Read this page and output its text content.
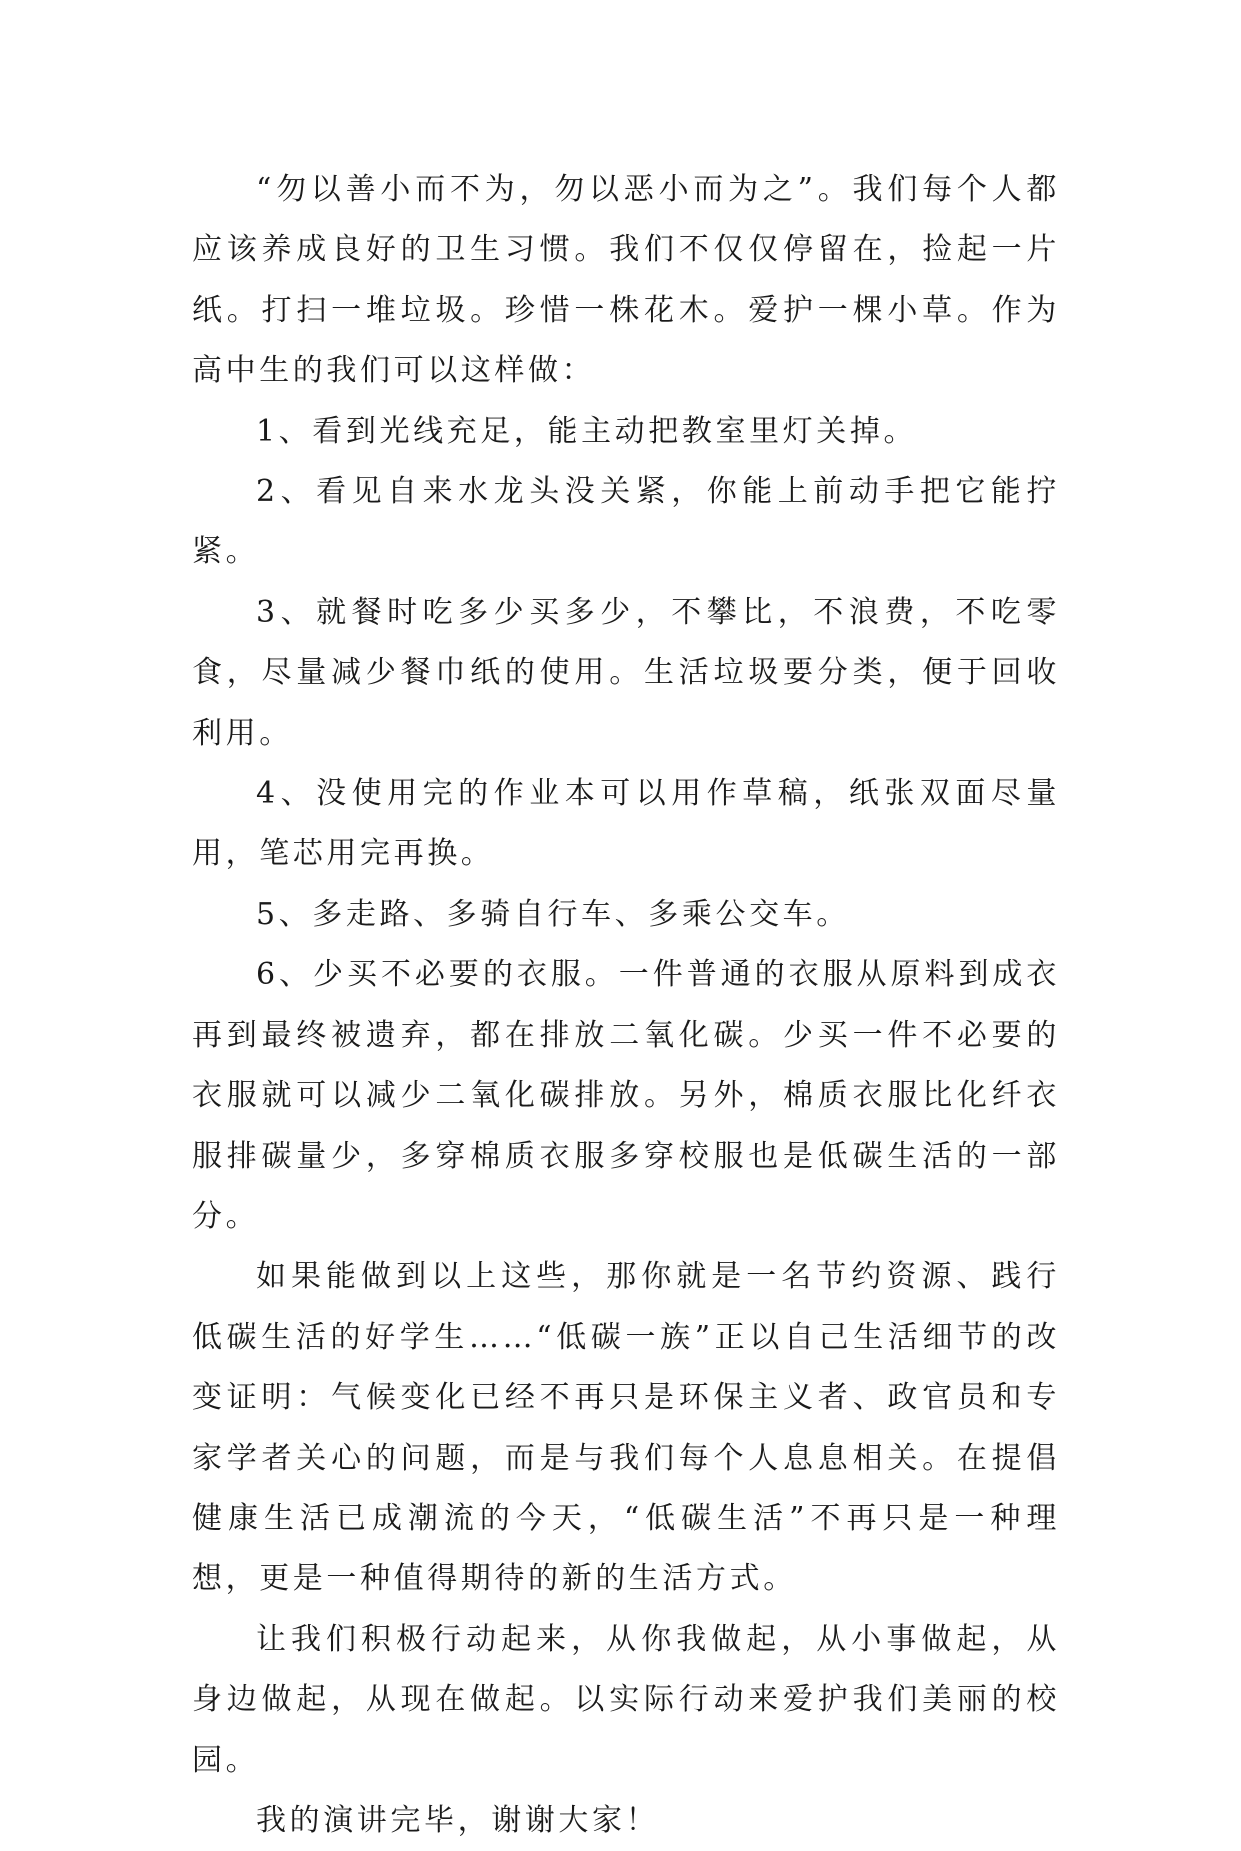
“勿以善小而不为，勿以恶小而为之”。我们每个人都应该养成良好的卫生习惯。我们不仅仅停留在，捡起一片纸。打扫一堆垃圾。珍惜一株花木。爱护一棵小草。作为高中生的我们可以这样做：

1、看到光线充足，能主动把教室里灯关掉。

2、看见自来水龙头没关紧，你能上前动手把它能拧紧。

3、就餐时吃多少买多少，不攀比，不浪费，不吃零食，尽量减少餐巾纸的使用。生活垃圾要分类，便于回收利用。

4、没使用完的作业本可以用作草稿，纸张双面尽量用，笔芯用完再换。

5、多走路、多骑自行车、多乘公交车。

6、少买不必要的衣服。一件普通的衣服从原料到成衣再到最终被遗弃，都在排放二氧化碳。少买一件不必要的衣服就可以减少二氧化碳排放。另外，棉质衣服比化纤衣服排碳量少，多穿棉质衣服多穿校服也是低碳生活的一部分。

如果能做到以上这些，那你就是一名节约资源、践行低碳生活的好学生……“低碳一族”正以自己生活细节的改变证明：气候变化已经不再只是环保主义者、政官员和专家学者关心的问题，而是与我们每个人息息相关。在提倡健康生活已成潮流的今天，“低碳生活”不再只是一种理想，更是一种值得期待的新的生活方式。

让我们积极行动起来，从你我做起，从小事做起，从身边做起，从现在做起。以实际行动来爱护我们美丽的校园。

我的演讲完毕，谢谢大家！
